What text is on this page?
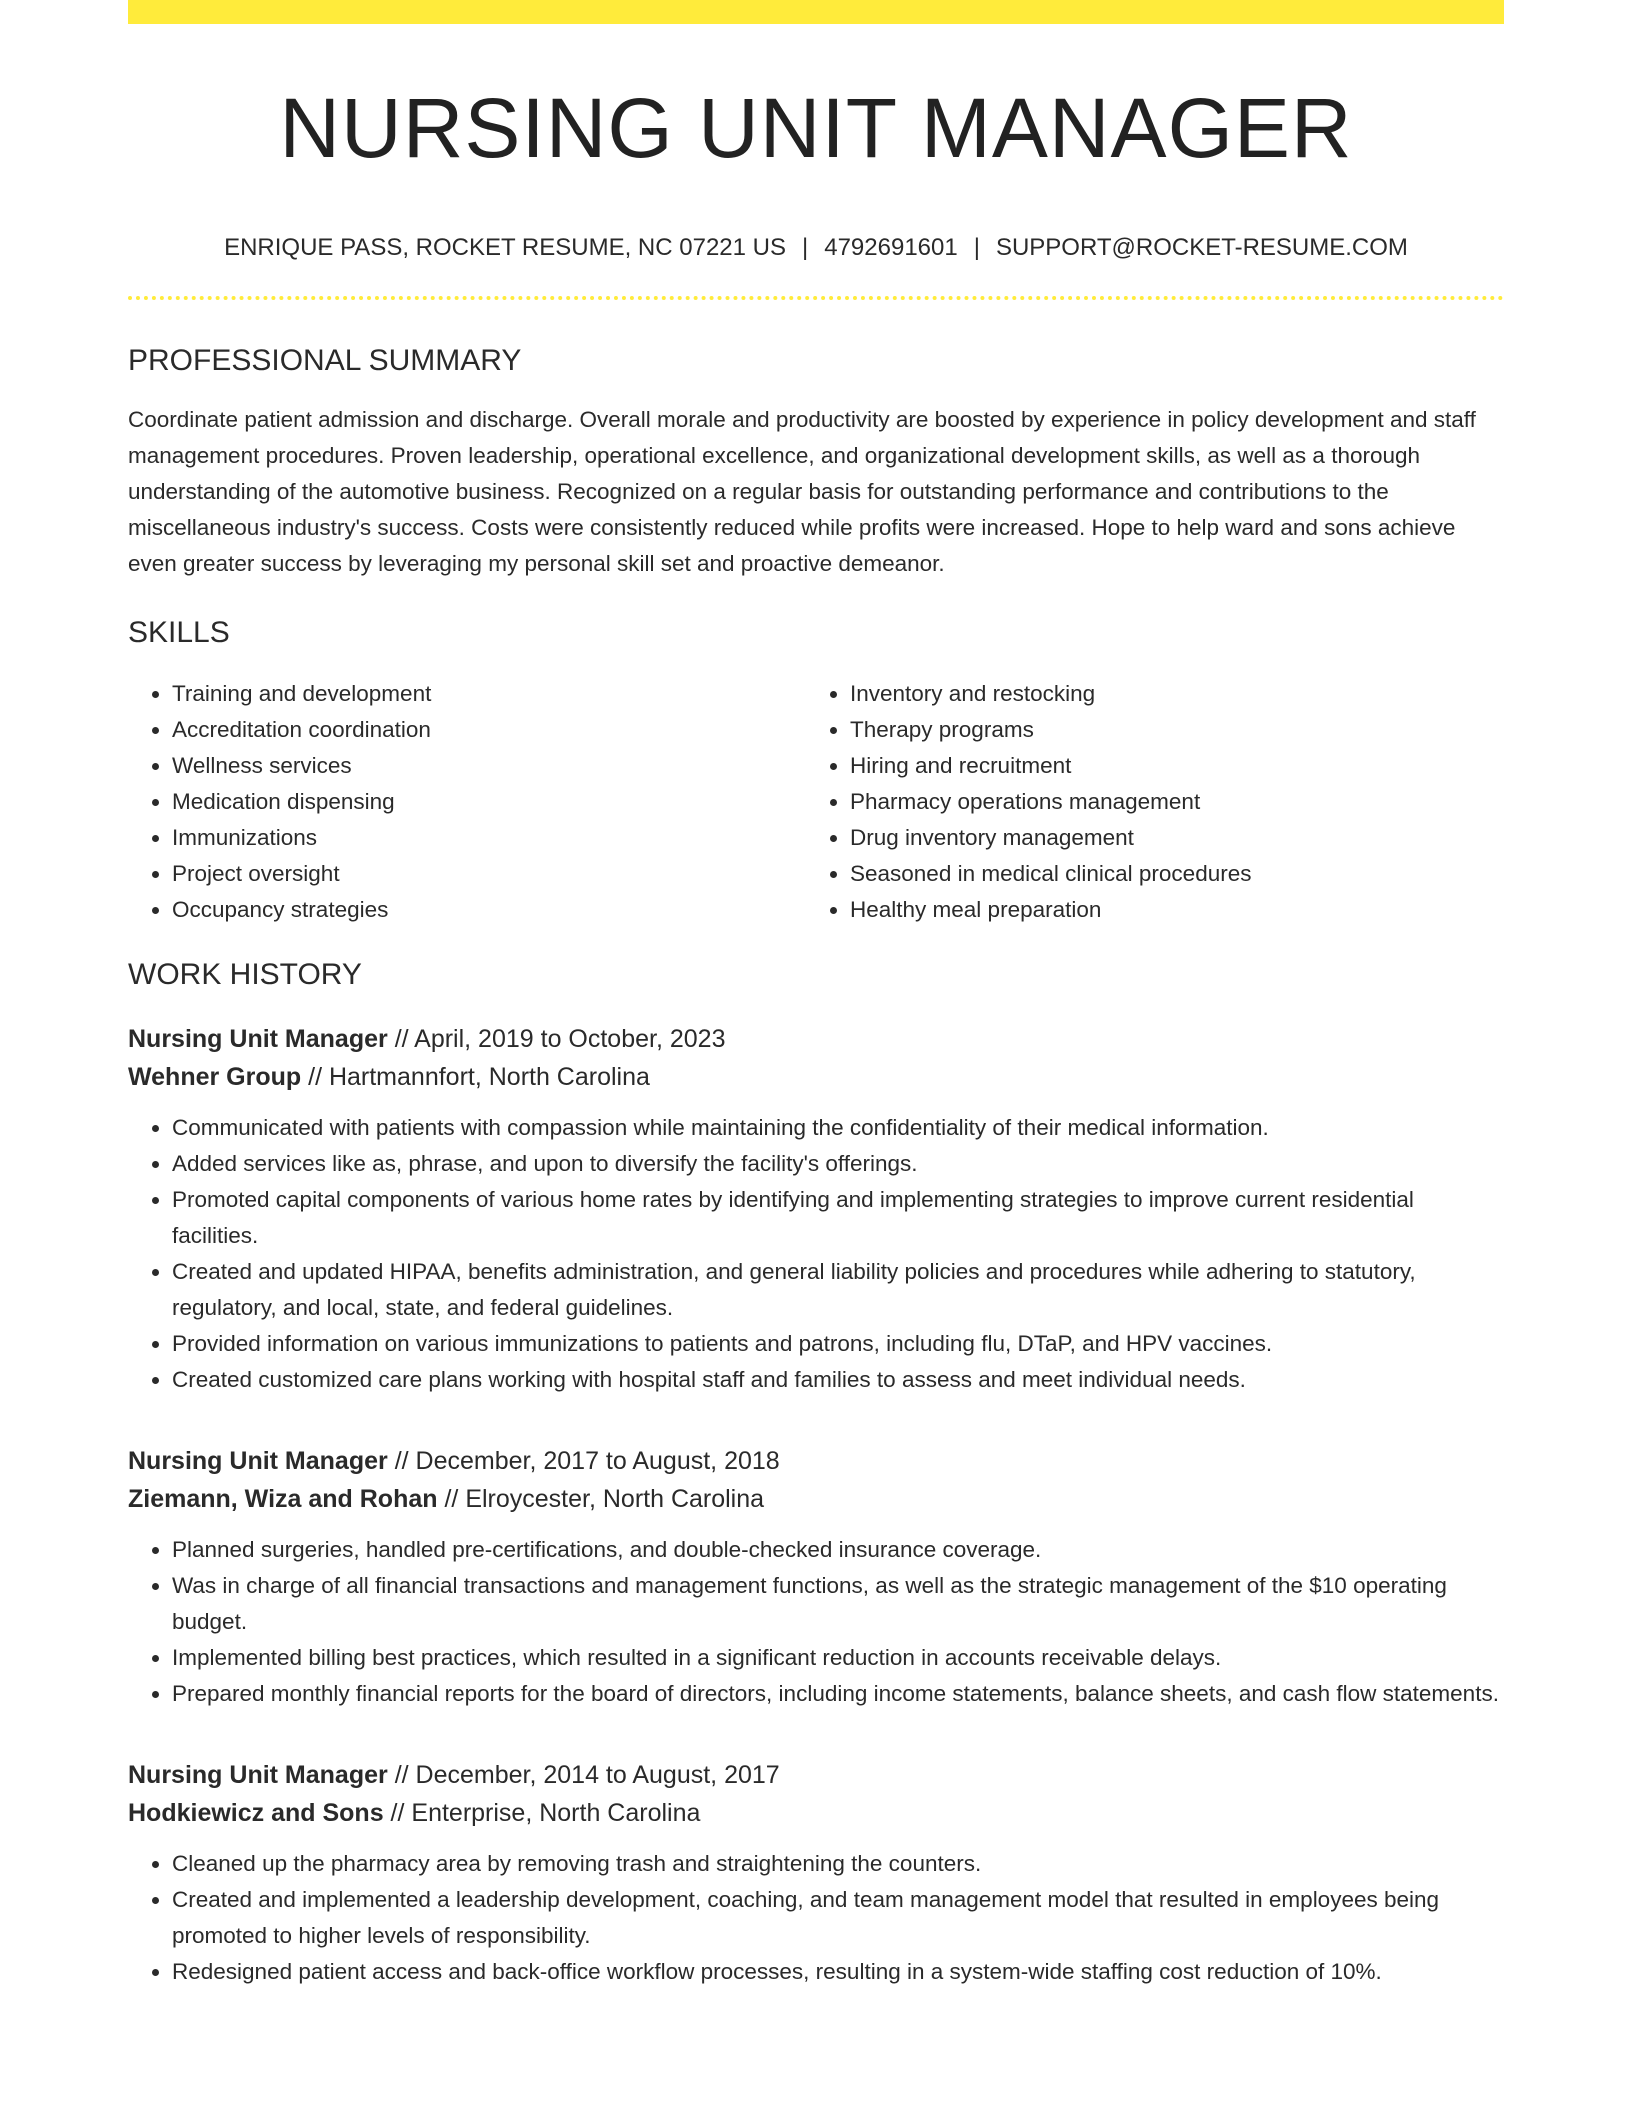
NURSING UNIT MANAGER
ENRIQUE PASS, ROCKET RESUME, NC 07221 US | 4792691601 | SUPPORT@ROCKET-RESUME.COM
PROFESSIONAL SUMMARY

Coordinate patient admission and discharge. Overall morale and productivity are boosted by experience in policy development and staff management procedures. Proven leadership, operational excellence, and organizational development skills, as well as a thorough understanding of the automotive business. Recognized on a regular basis for outstanding performance and contributions to the miscellaneous industry's success. Costs were consistently reduced while profits were increased. Hope to help ward and sons achieve even greater success by leveraging my personal skill set and proactive demeanor.

SKILLS
• Training and development
• Accreditation coordination
• Wellness services
• Medication dispensing
• Immunizations
• Project oversight
• Occupancy strategies
• Inventory and restocking
• Therapy programs
• Hiring and recruitment
• Pharmacy operations management
• Drug inventory management
• Seasoned in medical clinical procedures
• Healthy meal preparation
WORK HISTORY
Nursing Unit Manager // April, 2019 to October, 2023
Wehner Group // Hartmannfort, North Carolina
• Communicated with patients with compassion while maintaining the confidentiality of their medical information.
• Added services like as, phrase, and upon to diversify the facility's offerings.
• Promoted capital components of various home rates by identifying and implementing strategies to improve current residential facilities.
• Created and updated HIPAA, benefits administration, and general liability policies and procedures while adhering to statutory, regulatory, and local, state, and federal guidelines.
• Provided information on various immunizations to patients and patrons, including flu, DTaP, and HPV vaccines.
• Created customized care plans working with hospital staff and families to assess and meet individual needs.
Nursing Unit Manager // December, 2017 to August, 2018
Ziemann, Wiza and Rohan // Elroycester, North Carolina
• Planned surgeries, handled pre-certifications, and double-checked insurance coverage.
• Was in charge of all financial transactions and management functions, as well as the strategic management of the $10 operating budget.
• Implemented billing best practices, which resulted in a significant reduction in accounts receivable delays.
• Prepared monthly financial reports for the board of directors, including income statements, balance sheets, and cash flow statements.
Nursing Unit Manager // December, 2014 to August, 2017
Hodkiewicz and Sons // Enterprise, North Carolina
• Cleaned up the pharmacy area by removing trash and straightening the counters.
• Created and implemented a leadership development, coaching, and team management model that resulted in employees being promoted to higher levels of responsibility.
• Redesigned patient access and back-office workflow processes, resulting in a system-wide staffing cost reduction of 10%.
